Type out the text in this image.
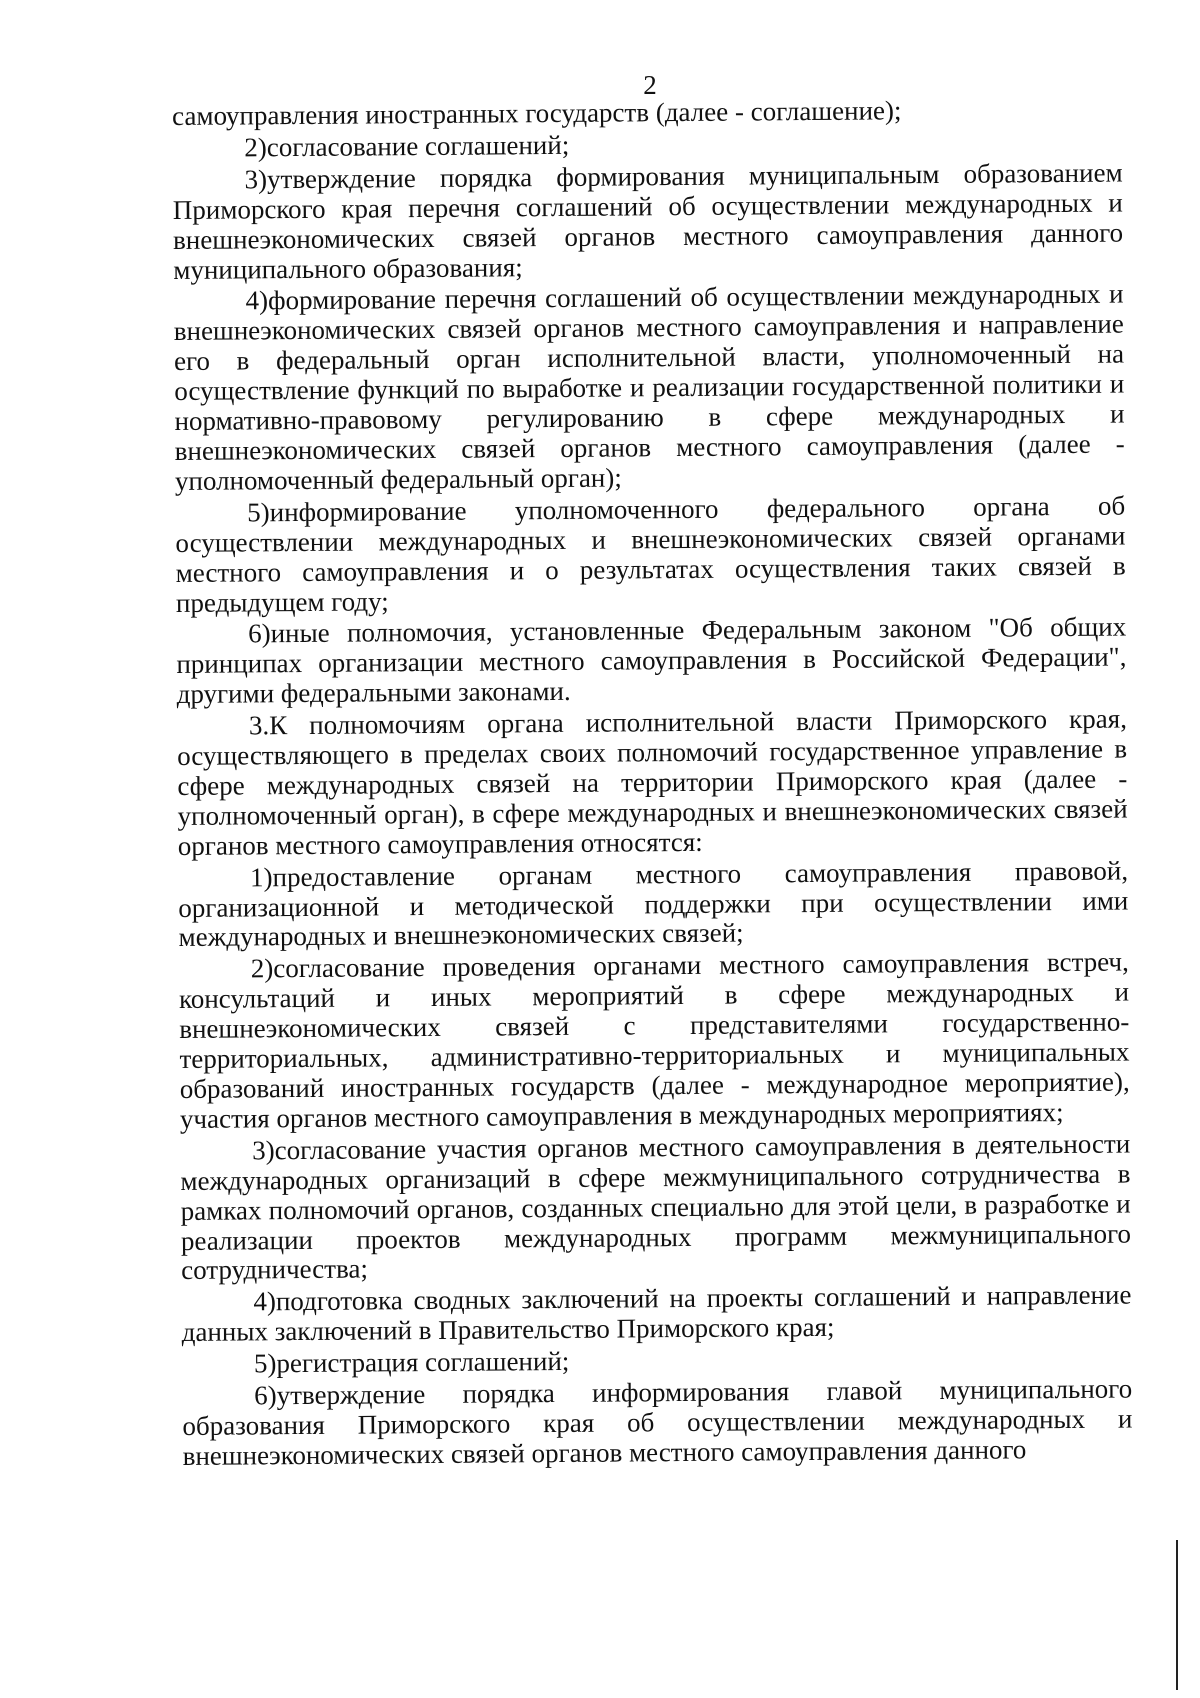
2

самоуправления иностранных государств (далее - соглашение);

2)согласование соглашений;

3)утверждение порядка формирования муниципальным образованием Приморского края перечня соглашений об осуществлении международных и внешнеэкономических связей органов местного самоуправления данного муниципального образования;

4)формирование перечня соглашений об осуществлении международных и внешнеэкономических связей органов местного самоуправления и направление его в федеральный орган исполнительной власти, уполномоченный на осуществление функций по выработке и реализации государственной политики и нормативно-правовому регулированию в сфере международных и внешнеэкономических связей органов местного самоуправления (далее - уполномоченный федеральный орган);

5)информирование уполномоченного федерального органа об осуществлении международных и внешнеэкономических связей органами местного самоуправления и о результатах осуществления таких связей в предыдущем году;

6)иные полномочия, установленные Федеральным законом "Об общих принципах организации местного самоуправления в Российской Федерации", другими федеральными законами.

3.К полномочиям органа исполнительной власти Приморского края, осуществляющего в пределах своих полномочий государственное управление в сфере международных связей на территории Приморского края (далее - уполномоченный орган), в сфере международных и внешнеэкономических связей органов местного самоуправления относятся:

1)предоставление органам местного самоуправления правовой, организационной и методической поддержки при осуществлении ими международных и внешнеэкономических связей;

2)согласование проведения органами местного самоуправления встреч, консультаций и иных мероприятий в сфере международных и внешнеэкономических связей с представителями государственно-территориальных, административно-территориальных и муниципальных образований иностранных государств (далее - международное мероприятие), участия органов местного самоуправления в международных мероприятиях;

3)согласование участия органов местного самоуправления в деятельности международных организаций в сфере межмуниципального сотрудничества в рамках полномочий органов, созданных специально для этой цели, в разработке и реализации проектов международных программ межмуниципального сотрудничества;

4)подготовка сводных заключений на проекты соглашений и направление данных заключений в Правительство Приморского края;

5)регистрация соглашений;

6)утверждение порядка информирования главой муниципального образования Приморского края об осуществлении международных и внешнеэкономических связей органов местного самоуправления данного
